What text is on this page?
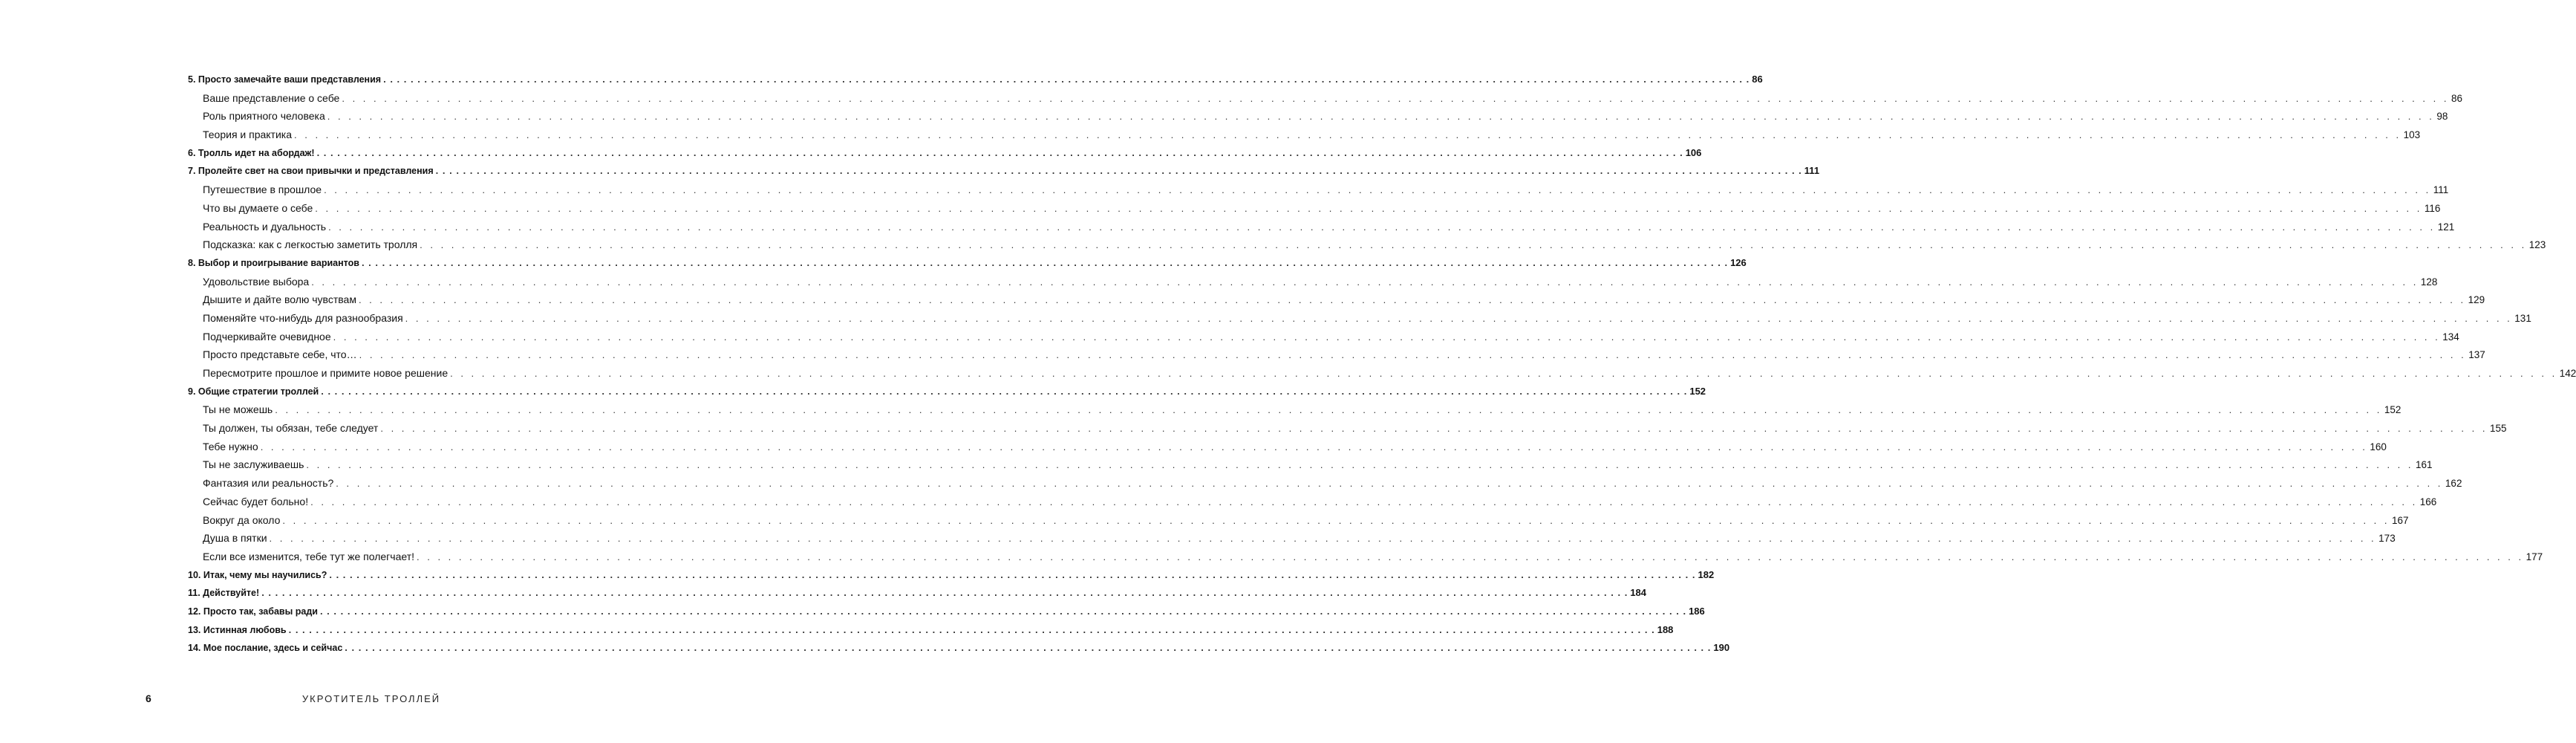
5. Просто замечайте ваши представления . . . . . . . . . . . . . . . . . . . . . . . . . . . . . . . . . . . . . . . . . . . . . . . . . . . . . . . . . . . . . . . . . . . . . . . . . . . . . . . . . . . . . . . . . . . . . . . . . . . . . . . . . . . . . . . . . . . . . . . . . . . . . . . . . . . . . . . . . . . . . . . . . . . . . . . . . . . . . . . . . . . . . . . . . . . . . . . . . . . . . . . . . . . . . . . . . . . . . . . . 86
Ваше представление о себе . . . . . . . . . . . . . . . . . . . . . . . . . . . . . . . . . . . . . . . . . . . . . . . . . . . . . . . . . . . . . . . . . . . . . . . . . . . . . . . . . . . . . . . . . . . . . . . . . . . . . . . . . . . . . . . . . . . . . . . . . . . . . . . . . . . . . . . . . . . . . . . . . . . . . . . . . . . . . . . . . . . . . . . . . . . . . . . . . . . . . . . . . . . . . . . . . . . . . . . . 86
Роль приятного человека . . . . . . . . . . . . . . . . . . . . . . . . . . . . . . . . . . . . . . . . . . . . . . . . . . . . . . . . . . . . . . . . . . . . . . . . . . . . . . . . . . . . . . . . . . . . . . . . . . . . . . . . . . . . . . . . . . . . . . . . . . . . . . . . . . . . . . . . . . . . . . . . . . . . . . . . . . . . . . . . . . . . . . . . . . . . . . . . . . . . . . . . . . . . . . . . . . . . . . . . 98
Теория и практика . . . . . . . . . . . . . . . . . . . . . . . . . . . . . . . . . . . . . . . . . . . . . . . . . . . . . . . . . . . . . . . . . . . . . . . . . . . . . . . . . . . . . . . . . . . . . . . . . . . . . . . . . . . . . . . . . . . . . . . . . . . . . . . . . . . . . . . . . . . . . . . . . . . . . . . . . . . . . . . . . . . . . . . . . . . . . . . . . . . . . . . . . . . . . . . . . . . . . . . . 103
6. Тролль идет на абордаж! . . . . . . . . . . . . . . . . . . . . . . . . . . . . . . . . . . . . . . . . . . . . . . . . . . . . . . . . . . . . . . . . . . . . . . . . . . . . . . . . . . . . . . . . . . . . . . . . . . . . . . . . . . . . . . . . . . . . . . . . . . . . . . . . . . . . . . . . . . . . . . . . . . . . . . . . . . . . . . . . . . . . . . . . . . . . . . . . . . . . . . . . . . . . . . . . . . . . . . . . 106
7. Пролейте свет на свои привычки и представления . . . . . . . . . . . . . . . . . . . . . . . . . . . . . . . . . . . . . . . . . . . . . . . . . . . . . . . . . . . . . . . . . . . . . . . . . . . . . . . . . . . . . . . . . . . . . . . . . . . . . . . . . . . . . . . . . . . . . . . . . . . . . . . . . . . . . . . . . . . . . . . . . . . . . . . . . . . . . . . . . . . . . . . . . . . . . . . . . . . . . . . . . . . . . . . . . . . . . . . . 111
Путешествие в прошлое . . . . . . . . . . . . . . . . . . . . . . . . . . . . . . . . . . . . . . . . . . . . . . . . . . . . . . . . . . . . . . . . . . . . . . . . . . . . . . . . . . . . . . . . . . . . . . . . . . . . . . . . . . . . . . . . . . . . . . . . . . . . . . . . . . . . . . . . . . . . . . . . . . . . . . . . . . . . . . . . . . . . . . . . . . . . . . . . . . . . . . . . . . . . . . . . . . . . . . . . 111
Что вы думаете о себе . . . . . . . . . . . . . . . . . . . . . . . . . . . . . . . . . . . . . . . . . . . . . . . . . . . . . . . . . . . . . . . . . . . . . . . . . . . . . . . . . . . . . . . . . . . . . . . . . . . . . . . . . . . . . . . . . . . . . . . . . . . . . . . . . . . . . . . . . . . . . . . . . . . . . . . . . . . . . . . . . . . . . . . . . . . . . . . . . . . . . . . . . . . . . . . . . . . . . . . . 116
Реальность и дуальность . . . . . . . . . . . . . . . . . . . . . . . . . . . . . . . . . . . . . . . . . . . . . . . . . . . . . . . . . . . . . . . . . . . . . . . . . . . . . . . . . . . . . . . . . . . . . . . . . . . . . . . . . . . . . . . . . . . . . . . . . . . . . . . . . . . . . . . . . . . . . . . . . . . . . . . . . . . . . . . . . . . . . . . . . . . . . . . . . . . . . . . . . . . . . . . . . . . . . . . . 121
Подсказка: как с легкостью заметить тролля . . . . . . . . . . . . . . . . . . . . . . . . . . . . . . . . . . . . . . . . . . . . . . . . . . . . . . . . . . . . . . . . . . . . . . . . . . . . . . . . . . . . . . . . . . . . . . . . . . . . . . . . . . . . . . . . . . . . . . . . . . . . . . . . . . . . . . . . . . . . . . . . . . . . . . . . . . . . . . . . . . . . . . . . . . . . . . . . . . . . . . . . . . . . . . . . . . . . . . . . 123
8. Выбор и проигрывание вариантов . . . . . . . . . . . . . . . . . . . . . . . . . . . . . . . . . . . . . . . . . . . . . . . . . . . . . . . . . . . . . . . . . . . . . . . . . . . . . . . . . . . . . . . . . . . . . . . . . . . . . . . . . . . . . . . . . . . . . . . . . . . . . . . . . . . . . . . . . . . . . . . . . . . . . . . . . . . . . . . . . . . . . . . . . . . . . . . . . . . . . . . . . . . . . . . . . . . . . . . . 126
Удовольствие выбора . . . . . . . . . . . . . . . . . . . . . . . . . . . . . . . . . . . . . . . . . . . . . . . . . . . . . . . . . . . . . . . . . . . . . . . . . . . . . . . . . . . . . . . . . . . . . . . . . . . . . . . . . . . . . . . . . . . . . . . . . . . . . . . . . . . . . . . . . . . . . . . . . . . . . . . . . . . . . . . . . . . . . . . . . . . . . . . . . . . . . . . . . . . . . . . . . . . . . . . . 128
Дышите и дайте волю чувствам . . . . . . . . . . . . . . . . . . . . . . . . . . . . . . . . . . . . . . . . . . . . . . . . . . . . . . . . . . . . . . . . . . . . . . . . . . . . . . . . . . . . . . . . . . . . . . . . . . . . . . . . . . . . . . . . . . . . . . . . . . . . . . . . . . . . . . . . . . . . . . . . . . . . . . . . . . . . . . . . . . . . . . . . . . . . . . . . . . . . . . . . . . . . . . . . . . . . . . . . 129
Поменяйте что-нибудь для разнообразия . . . . . . . . . . . . . . . . . . . . . . . . . . . . . . . . . . . . . . . . . . . . . . . . . . . . . . . . . . . . . . . . . . . . . . . . . . . . . . . . . . . . . . . . . . . . . . . . . . . . . . . . . . . . . . . . . . . . . . . . . . . . . . . . . . . . . . . . . . . . . . . . . . . . . . . . . . . . . . . . . . . . . . . . . . . . . . . . . . . . . . . . . . . . . . . . . . . . . . . . 131
Подчеркивайте очевидное . . . . . . . . . . . . . . . . . . . . . . . . . . . . . . . . . . . . . . . . . . . . . . . . . . . . . . . . . . . . . . . . . . . . . . . . . . . . . . . . . . . . . . . . . . . . . . . . . . . . . . . . . . . . . . . . . . . . . . . . . . . . . . . . . . . . . . . . . . . . . . . . . . . . . . . . . . . . . . . . . . . . . . . . . . . . . . . . . . . . . . . . . . . . . . . . . . . . . . . . 134
Просто представьте себе, что… . . . . . . . . . . . . . . . . . . . . . . . . . . . . . . . . . . . . . . . . . . . . . . . . . . . . . . . . . . . . . . . . . . . . . . . . . . . . . . . . . . . . . . . . . . . . . . . . . . . . . . . . . . . . . . . . . . . . . . . . . . . . . . . . . . . . . . . . . . . . . . . . . . . . . . . . . . . . . . . . . . . . . . . . . . . . . . . . . . . . . . . . . . . . . . . . . . . . . . . . 137
Пересмотрите прошлое и примите новое решение . . . . . . . . . . . . . . . . . . . . . . . . . . . . . . . . . . . . . . . . . . . . . . . . . . . . . . . . . . . . . . . . . . . . . . . . . . . . . . . . . . . . . . . . . . . . . . . . . . . . . . . . . . . . . . . . . . . . . . . . . . . . . . . . . . . . . . . . . . . . . . . . . . . . . . . . . . . . . . . . . . . . . . . . . . . . . . . . . . . . . . . . . . . . . . . . . . . . . . . . 142
9. Общие стратегии троллей . . . . . . . . . . . . . . . . . . . . . . . . . . . . . . . . . . . . . . . . . . . . . . . . . . . . . . . . . . . . . . . . . . . . . . . . . . . . . . . . . . . . . . . . . . . . . . . . . . . . . . . . . . . . . . . . . . . . . . . . . . . . . . . . . . . . . . . . . . . . . . . . . . . . . . . . . . . . . . . . . . . . . . . . . . . . . . . . . . . . . . . . . . . . . . . . . . . . . . . . 152
Ты не можешь . . . . . . . . . . . . . . . . . . . . . . . . . . . . . . . . . . . . . . . . . . . . . . . . . . . . . . . . . . . . . . . . . . . . . . . . . . . . . . . . . . . . . . . . . . . . . . . . . . . . . . . . . . . . . . . . . . . . . . . . . . . . . . . . . . . . . . . . . . . . . . . . . . . . . . . . . . . . . . . . . . . . . . . . . . . . . . . . . . . . . . . . . . . . . . . . . . . . . . . . 152
Ты должен, ты обязан, тебе следует . . . . . . . . . . . . . . . . . . . . . . . . . . . . . . . . . . . . . . . . . . . . . . . . . . . . . . . . . . . . . . . . . . . . . . . . . . . . . . . . . . . . . . . . . . . . . . . . . . . . . . . . . . . . . . . . . . . . . . . . . . . . . . . . . . . . . . . . . . . . . . . . . . . . . . . . . . . . . . . . . . . . . . . . . . . . . . . . . . . . . . . . . . . . . . . . . . . . . . . . 155
Тебе нужно . . . . . . . . . . . . . . . . . . . . . . . . . . . . . . . . . . . . . . . . . . . . . . . . . . . . . . . . . . . . . . . . . . . . . . . . . . . . . . . . . . . . . . . . . . . . . . . . . . . . . . . . . . . . . . . . . . . . . . . . . . . . . . . . . . . . . . . . . . . . . . . . . . . . . . . . . . . . . . . . . . . . . . . . . . . . . . . . . . . . . . . . . . . . . . . . . . . . . . . . 160
Ты не заслуживаешь . . . . . . . . . . . . . . . . . . . . . . . . . . . . . . . . . . . . . . . . . . . . . . . . . . . . . . . . . . . . . . . . . . . . . . . . . . . . . . . . . . . . . . . . . . . . . . . . . . . . . . . . . . . . . . . . . . . . . . . . . . . . . . . . . . . . . . . . . . . . . . . . . . . . . . . . . . . . . . . . . . . . . . . . . . . . . . . . . . . . . . . . . . . . . . . . . . . . . . . . 161
Фантазия или реальность? . . . . . . . . . . . . . . . . . . . . . . . . . . . . . . . . . . . . . . . . . . . . . . . . . . . . . . . . . . . . . . . . . . . . . . . . . . . . . . . . . . . . . . . . . . . . . . . . . . . . . . . . . . . . . . . . . . . . . . . . . . . . . . . . . . . . . . . . . . . . . . . . . . . . . . . . . . . . . . . . . . . . . . . . . . . . . . . . . . . . . . . . . . . . . . . . . . . . . . . . 162
Сейчас будет больно! . . . . . . . . . . . . . . . . . . . . . . . . . . . . . . . . . . . . . . . . . . . . . . . . . . . . . . . . . . . . . . . . . . . . . . . . . . . . . . . . . . . . . . . . . . . . . . . . . . . . . . . . . . . . . . . . . . . . . . . . . . . . . . . . . . . . . . . . . . . . . . . . . . . . . . . . . . . . . . . . . . . . . . . . . . . . . . . . . . . . . . . . . . . . . . . . . . . . . . . . 166
Вокруг да около . . . . . . . . . . . . . . . . . . . . . . . . . . . . . . . . . . . . . . . . . . . . . . . . . . . . . . . . . . . . . . . . . . . . . . . . . . . . . . . . . . . . . . . . . . . . . . . . . . . . . . . . . . . . . . . . . . . . . . . . . . . . . . . . . . . . . . . . . . . . . . . . . . . . . . . . . . . . . . . . . . . . . . . . . . . . . . . . . . . . . . . . . . . . . . . . . . . . . . . . 167
Душа в пятки . . . . . . . . . . . . . . . . . . . . . . . . . . . . . . . . . . . . . . . . . . . . . . . . . . . . . . . . . . . . . . . . . . . . . . . . . . . . . . . . . . . . . . . . . . . . . . . . . . . . . . . . . . . . . . . . . . . . . . . . . . . . . . . . . . . . . . . . . . . . . . . . . . . . . . . . . . . . . . . . . . . . . . . . . . . . . . . . . . . . . . . . . . . . . . . . . . . . . . . . 173
Если все изменится, тебе тут же полегчает! . . . . . . . . . . . . . . . . . . . . . . . . . . . . . . . . . . . . . . . . . . . . . . . . . . . . . . . . . . . . . . . . . . . . . . . . . . . . . . . . . . . . . . . . . . . . . . . . . . . . . . . . . . . . . . . . . . . . . . . . . . . . . . . . . . . . . . . . . . . . . . . . . . . . . . . . . . . . . . . . . . . . . . . . . . . . . . . . . . . . . . . . . . . . . . . . . . . . . . . . 177
10. Итак, чему мы научились? . . . . . . . . . . . . . . . . . . . . . . . . . . . . . . . . . . . . . . . . . . . . . . . . . . . . . . . . . . . . . . . . . . . . . . . . . . . . . . . . . . . . . . . . . . . . . . . . . . . . . . . . . . . . . . . . . . . . . . . . . . . . . . . . . . . . . . . . . . . . . . . . . . . . . . . . . . . . . . . . . . . . . . . . . . . . . . . . . . . . . . . . . . . . . . . . . . . . . . . . 182
11. Действуйте! . . . . . . . . . . . . . . . . . . . . . . . . . . . . . . . . . . . . . . . . . . . . . . . . . . . . . . . . . . . . . . . . . . . . . . . . . . . . . . . . . . . . . . . . . . . . . . . . . . . . . . . . . . . . . . . . . . . . . . . . . . . . . . . . . . . . . . . . . . . . . . . . . . . . . . . . . . . . . . . . . . . . . . . . . . . . . . . . . . . . . . . . . . . . . . . . . . . . . . . . 184
12. Просто так, забавы ради . . . . . . . . . . . . . . . . . . . . . . . . . . . . . . . . . . . . . . . . . . . . . . . . . . . . . . . . . . . . . . . . . . . . . . . . . . . . . . . . . . . . . . . . . . . . . . . . . . . . . . . . . . . . . . . . . . . . . . . . . . . . . . . . . . . . . . . . . . . . . . . . . . . . . . . . . . . . . . . . . . . . . . . . . . . . . . . . . . . . . . . . . . . . . . . . . . . . . . . . 186
13. Истинная любовь . . . . . . . . . . . . . . . . . . . . . . . . . . . . . . . . . . . . . . . . . . . . . . . . . . . . . . . . . . . . . . . . . . . . . . . . . . . . . . . . . . . . . . . . . . . . . . . . . . . . . . . . . . . . . . . . . . . . . . . . . . . . . . . . . . . . . . . . . . . . . . . . . . . . . . . . . . . . . . . . . . . . . . . . . . . . . . . . . . . . . . . . . . . . . . . . . . . . . . . . 188
14. Мое послание, здесь и сейчас . . . . . . . . . . . . . . . . . . . . . . . . . . . . . . . . . . . . . . . . . . . . . . . . . . . . . . . . . . . . . . . . . . . . . . . . . . . . . . . . . . . . . . . . . . . . . . . . . . . . . . . . . . . . . . . . . . . . . . . . . . . . . . . . . . . . . . . . . . . . . . . . . . . . . . . . . . . . . . . . . . . . . . . . . . . . . . . . . . . . . . . . . . . . . . . . . . . . . . . . 190
6	УКРОТИТЕЛЬ ТРОЛЛЕЙ
